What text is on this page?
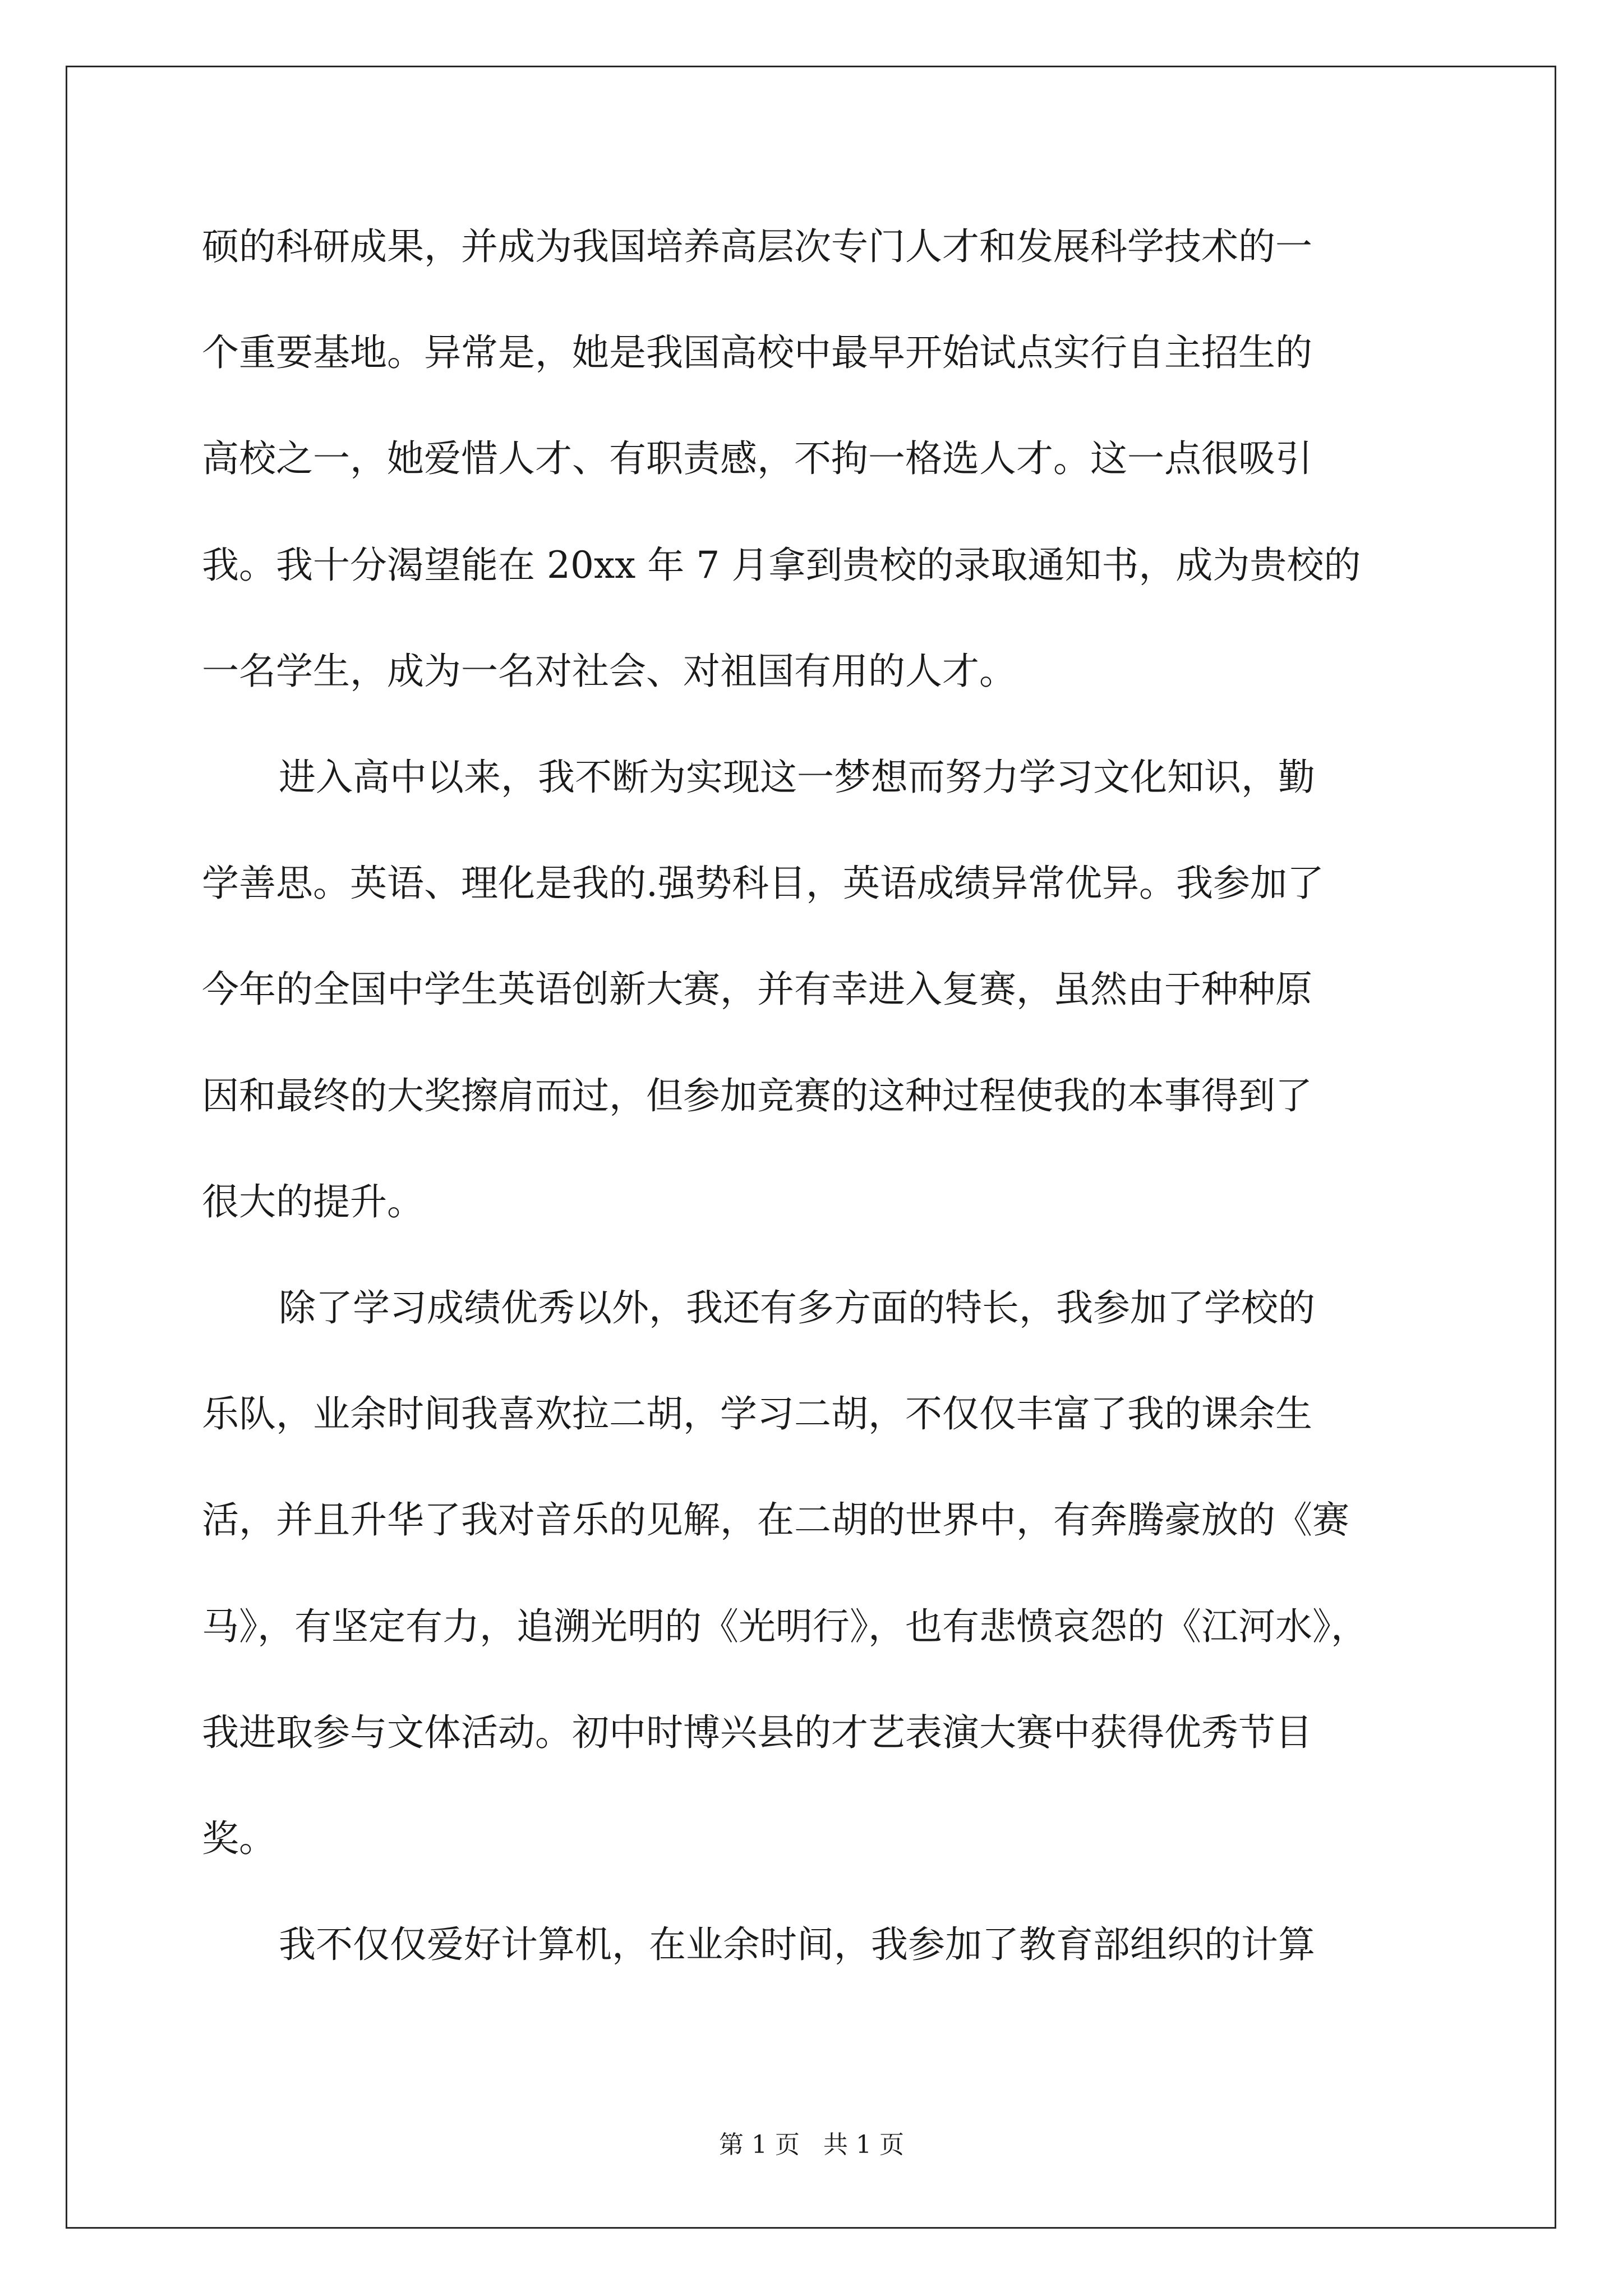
硕的科研成果，并成为我国培养高层次专门人才和发展科学技术的一
个重要基地。异常是，她是我国高校中最早开始试点实行自主招生的
高校之一，她爱惜人才、有职责感，不拘一格选人才。这一点很吸引
我。我十分渴望能在 20xx 年 7 月拿到贵校的录取通知书，成为贵校的
一名学生，成为一名对社会、对祖国有用的人才。
进入高中以来，我不断为实现这一梦想而努力学习文化知识，勤
学善思。英语、理化是我的.强势科目，英语成绩异常优异。我参加了
今年的全国中学生英语创新大赛，并有幸进入复赛，虽然由于种种原
因和最终的大奖擦肩而过，但参加竞赛的这种过程使我的本事得到了
很大的提升。
除了学习成绩优秀以外，我还有多方面的特长，我参加了学校的
乐队，业余时间我喜欢拉二胡，学习二胡，不仅仅丰富了我的课余生
活，并且升华了我对音乐的见解，在二胡的世界中，有奔腾豪放的《赛
马》，有坚定有力，追溯光明的《光明行》，也有悲愤哀怨的《江河水》，
我进取参与文体活动。初中时博兴县的才艺表演大赛中获得优秀节目
奖。
我不仅仅爱好计算机，在业余时间，我参加了教育部组织的计算
第 1 页   共 1 页
